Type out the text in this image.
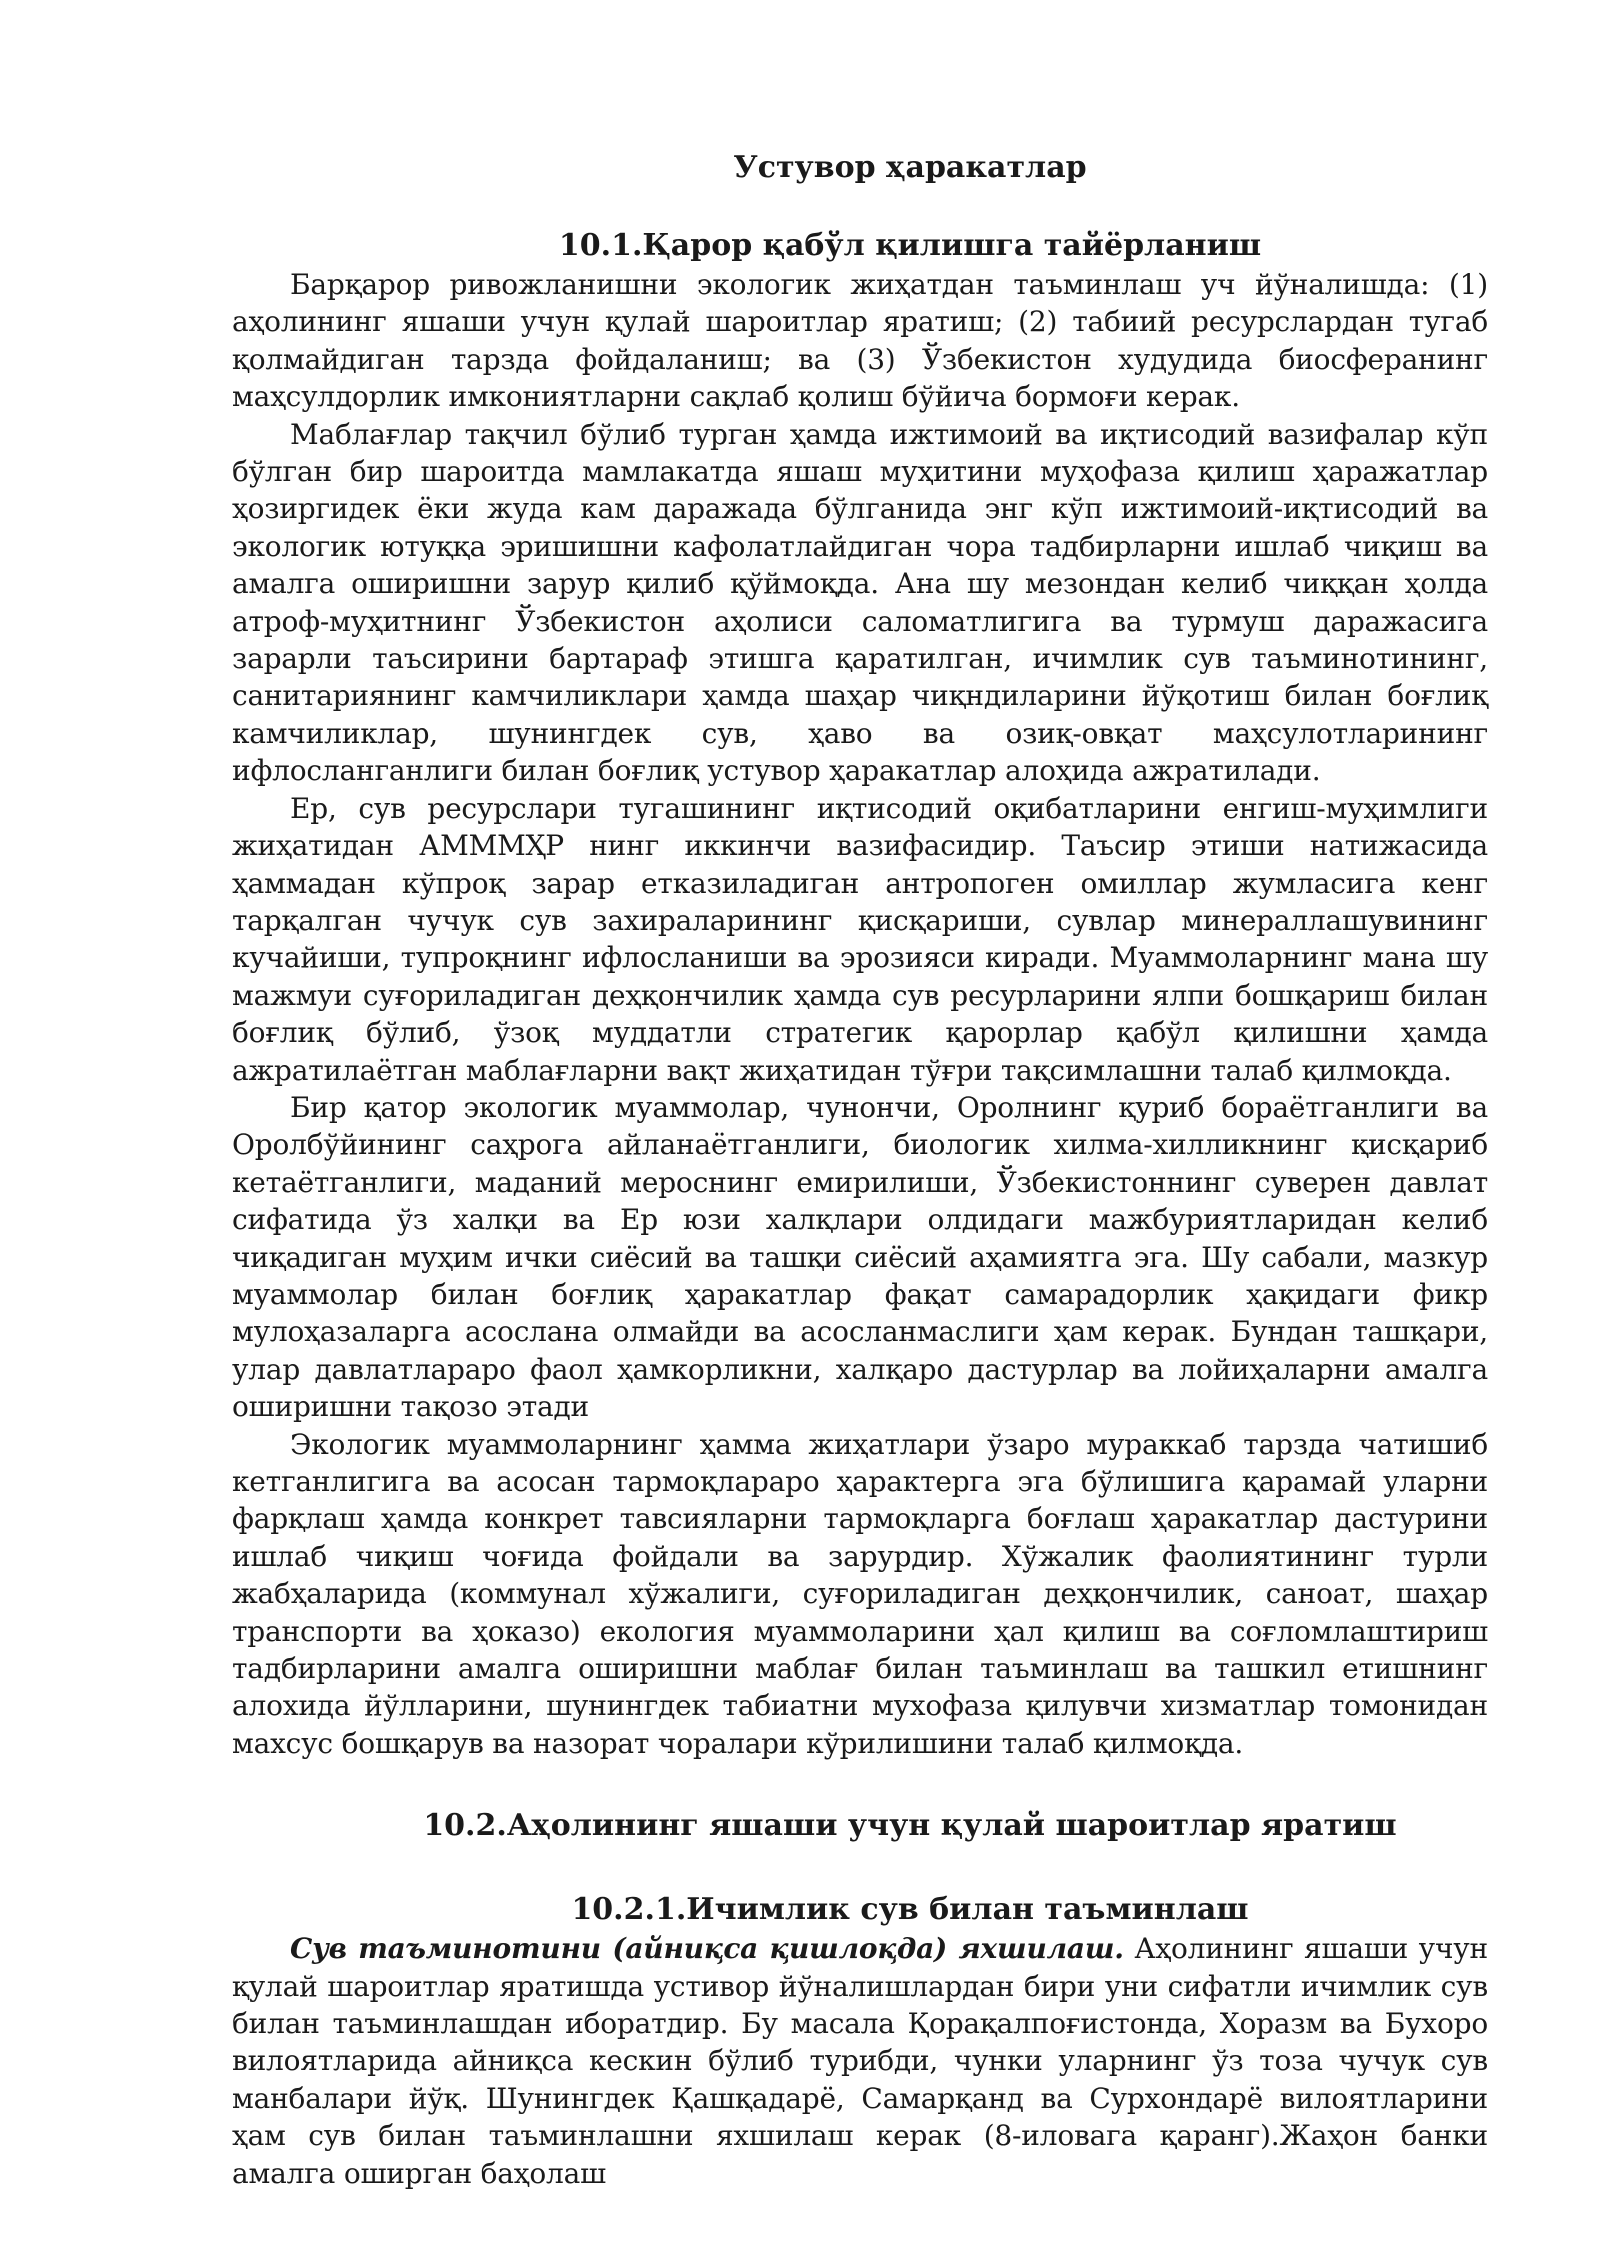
Устувор ҳаракатлар
10.1.Қарор қабўл қилишга тайёрланиш

Барқарор ривожланишни экологик жиҳатдан таъминлаш уч йўналишда: (1) аҳолининг яшаши учун қулай шароитлар яратиш; (2) табиий ресурслардан тугаб қолмайдиган тарзда фойдаланиш; ва (3) Ўзбекистон худудида биосферанинг маҳсулдорлик имкониятларни сақлаб қолиш бўйича бормоғи керак.

Маблағлар тақчил бўлиб турган ҳамда ижтимоий ва иқтисодий вазифалар кўп бўлган бир шароитда мамлакатда яшаш муҳитини муҳофаза қилиш ҳаражатлар ҳозиргидек ёки жуда кам даражада бўлганида энг кўп ижтимоий-иқтисодий ва экологик ютуққа эришишни кафолатлайдиган чора тадбирларни ишлаб чиқиш ва амалга оширишни зарур қилиб қўймоқда. Ана шу мезондан келиб чиққан ҳолда атроф-муҳитнинг Ўзбекистон аҳолиси саломатлигига ва турмуш даражасига зарарли таъсирини бартараф этишга қаратилган, ичимлик сув таъминотининг, санитариянинг камчиликлари ҳамда шаҳар чиқндиларини йўқотиш билан боғлиқ камчиликлар, шунингдек сув, ҳаво ва озиқ-овқат маҳсулотларининг ифлосланганлиги билан боғлиқ устувор ҳаракатлар алоҳида ажратилади.

Ер, сув ресурслари тугашининг иқтисодий оқибатларини енгиш-муҳимлиги жиҳатидан АМММҲР нинг иккинчи вазифасидир. Таъсир этиши натижасида ҳаммадан кўпроқ зарар етказиладиган антропоген омиллар жумласига кенг тарқалган чучук сув захираларининг қисқариши, сувлар минераллашувининг кучайиши, тупроқнинг ифлосланиши ва эрозияси киради. Муаммоларнинг мана шу мажмуи суғориладиган деҳқончилик ҳамда сув ресурларини ялпи бошқариш билан боғлиқ бўлиб, ўзоқ муддатли стратегик қарорлар қабўл қилишни ҳамда ажратилаётган маблағларни вақт жиҳатидан тўғри тақсимлашни талаб қилмоқда.

Бир қатор экологик муаммолар, чунончи, Оролнинг қуриб бораётганлиги ва Оролбўйининг саҳрога айланаётганлиги, биологик хилма-хилликнинг қисқариб кетаётганлиги, маданий мероснинг емирилиши, Ўзбекистоннинг суверен давлат сифатида ўз халқи ва Ер юзи халқлари олдидаги мажбуриятларидан келиб чиқадиган муҳим ички сиёсий ва ташқи сиёсий аҳамиятга эга. Шу сабали, мазкур муаммолар билан боғлиқ ҳаракатлар фақат самарадорлик ҳақидаги фикр мулоҳазаларга асослана олмайди ва асосланмаслиги ҳам керак. Бундан ташқари, улар давлатлараро фаол ҳамкорликни, халқаро дастурлар ва лойиҳаларни амалга оширишни тақозо этади

Экологик муаммоларнинг ҳамма жиҳатлари ўзаро мураккаб тарзда чатишиб кетганлигига ва асосан тармоқлараро ҳарактерга эга бўлишига қарамай уларни фарқлаш ҳамда конкрет тавсияларни тармоқларга боғлаш ҳаракатлар дастурини ишлаб чиқиш чоғида фойдали ва зарурдир. Хўжалик фаолиятининг турли жабҳаларида (коммунал хўжалиги, суғориладиган деҳқончилик, саноат, шаҳар транспорти ва ҳоказо) екология муаммоларини ҳал қилиш ва соғломлаштириш тадбирларини амалга оширишни маблағ билан таъминлаш ва ташкил етишнинг алохида йўлларини, шунингдек табиатни мухофаза қилувчи хизматлар томонидан махсус бошқарув ва назорат чоралари кўрилишини талаб қилмоқда.

10.2.Аҳолининг яшаши учун қулай шароитлар яратиш
10.2.1.Ичимлик сув билан таъминлаш

Сув таъминотини (айниқса қишлоқда) яхшилаш. Аҳолининг яшаши учун қулай шароитлар яратишда устивор йўналишлардан бири уни сифатли ичимлик сув билан таъминлашдан иборатдир. Бу масала Қорақалпоғистонда, Хоразм ва Бухоро вилоятларида айниқса кескин бўлиб турибди, чунки уларнинг ўз тоза чучук сув манбалари йўқ. Шунингдек Қашқадарё, Самарқанд ва Сурхондарё вилоятларини ҳам сув билан таъминлашни яхшилаш керак (8-иловага қаранг).Жаҳон банки амалга оширган баҳолаш
